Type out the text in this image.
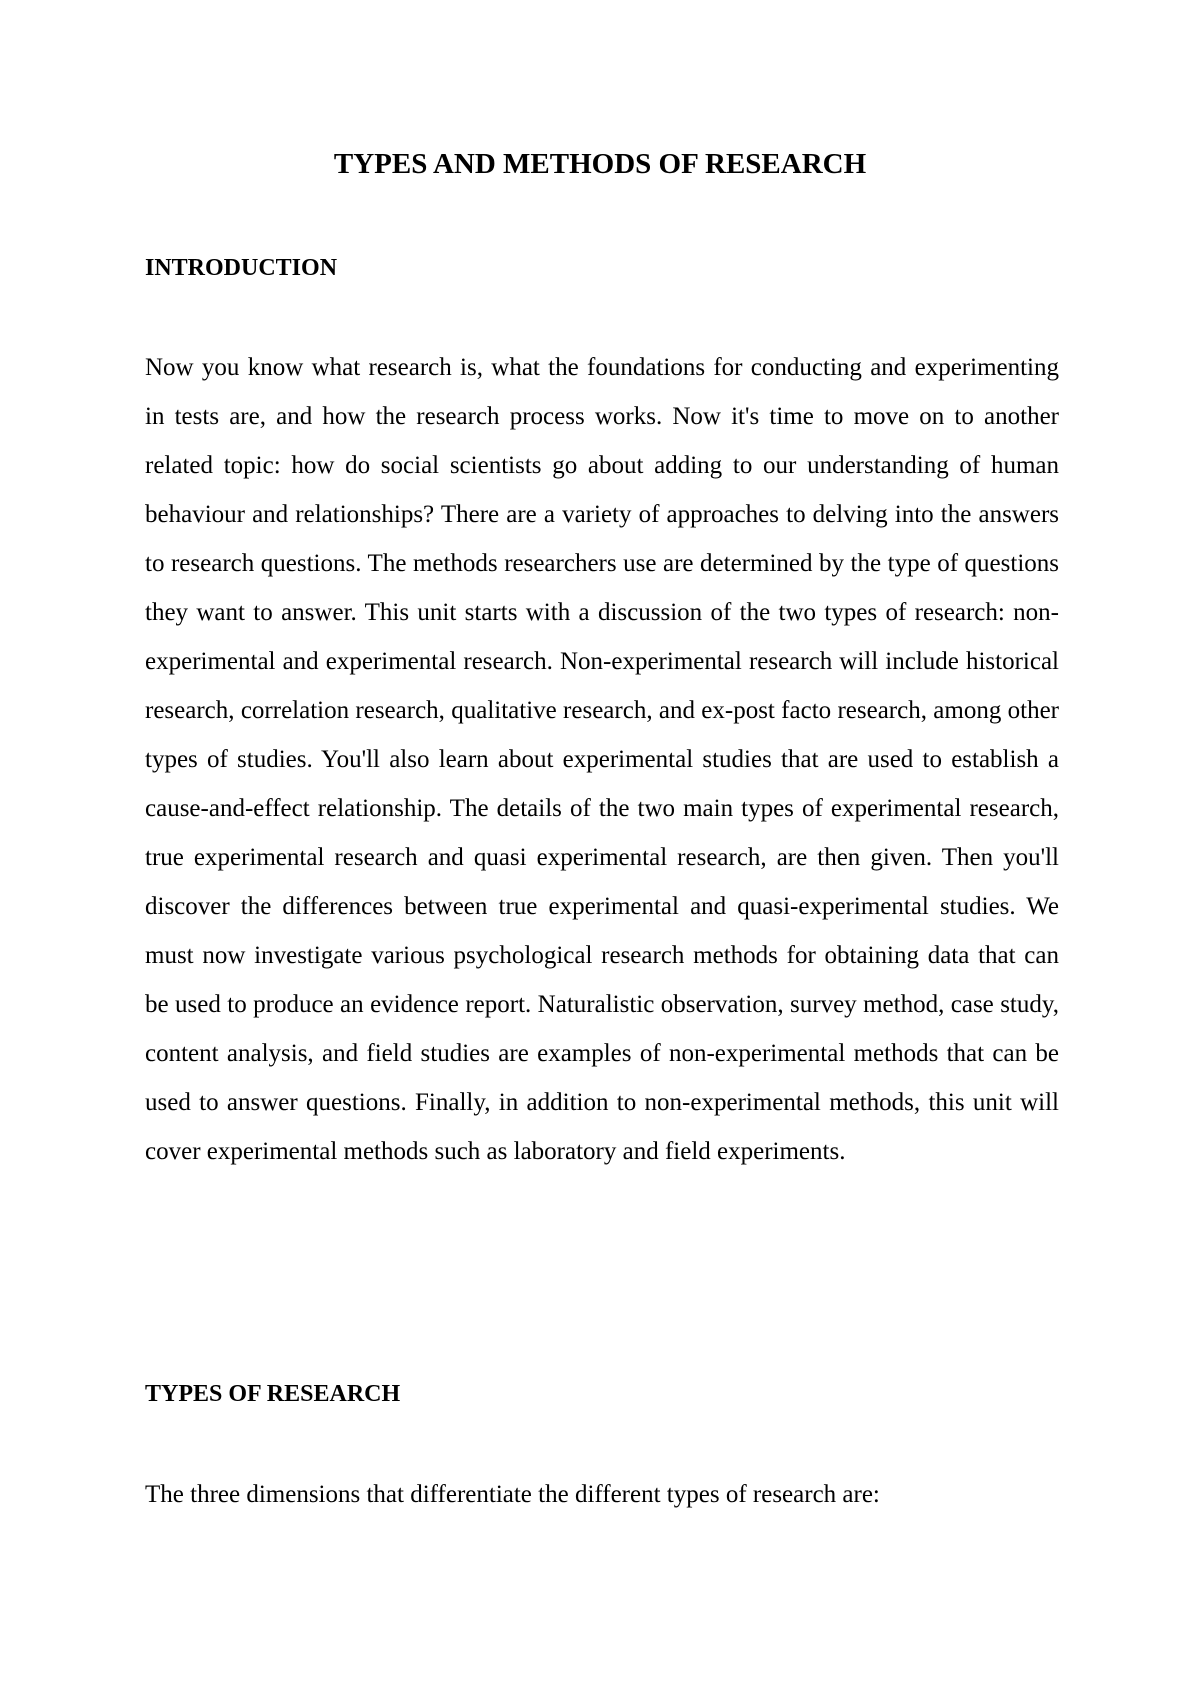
TYPES AND METHODS OF RESEARCH
INTRODUCTION

Now you know what research is, what the foundations for conducting and experimenting in tests are, and how the research process works. Now it's time to move on to another related topic: how do social scientists go about adding to our understanding of human behaviour and relationships? There are a variety of approaches to delving into the answers to research questions. The methods researchers use are determined by the type of questions they want to answer. This unit starts with a discussion of the two types of research: non-experimental and experimental research. Non-experimental research will include historical research, correlation research, qualitative research, and ex-post facto research, among other types of studies. You'll also learn about experimental studies that are used to establish a cause-and-effect relationship. The details of the two main types of experimental research, true experimental research and quasi experimental research, are then given. Then you'll discover the differences between true experimental and quasi-experimental studies. We must now investigate various psychological research methods for obtaining data that can be used to produce an evidence report. Naturalistic observation, survey method, case study, content analysis, and field studies are examples of non-experimental methods that can be used to answer questions. Finally, in addition to non-experimental methods, this unit will cover experimental methods such as laboratory and field experiments.

TYPES OF RESEARCH

The three dimensions that differentiate the different types of research are:
